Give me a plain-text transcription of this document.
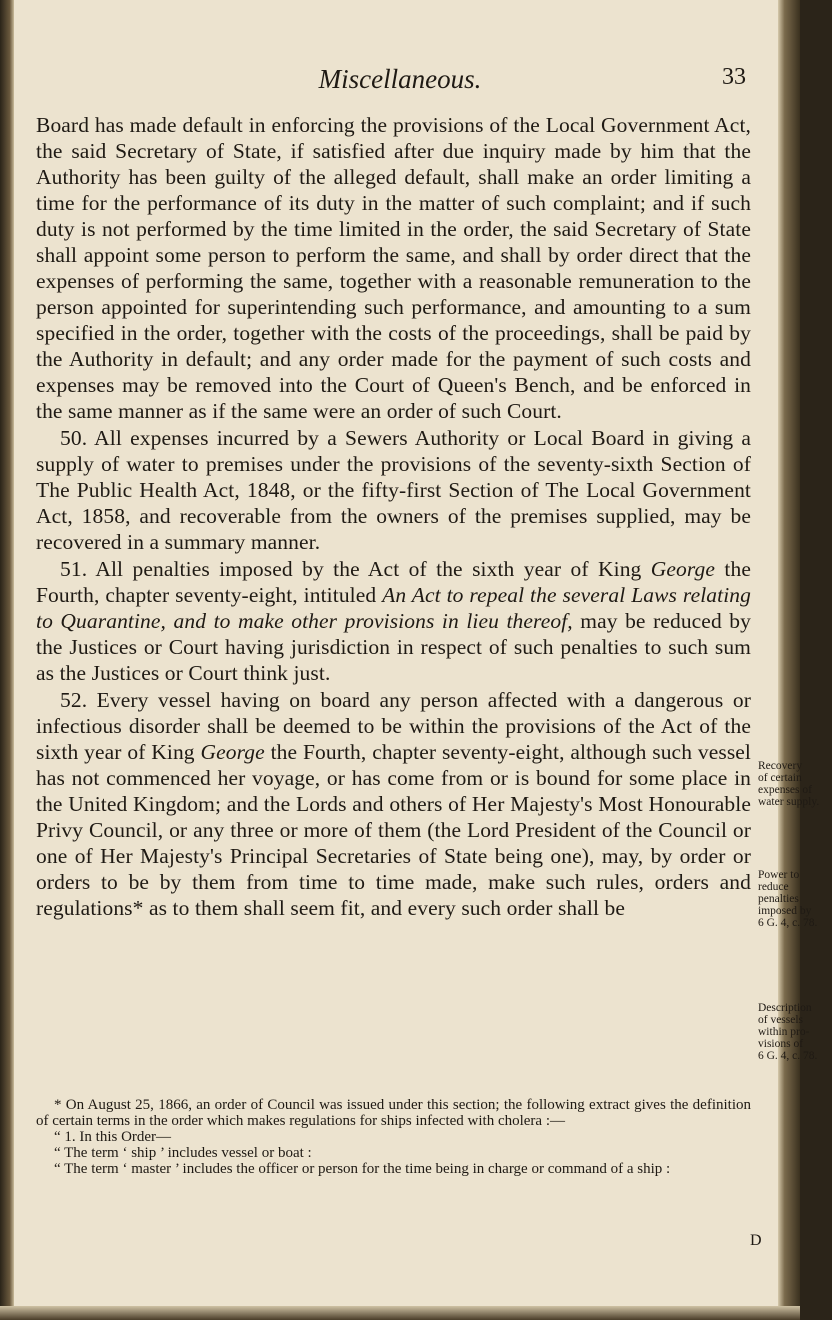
Miscellaneous.	33

Board has made default in enforcing the provisions of the Local Government Act, the said Secretary of State, if satisfied after due inquiry made by him that the Authority has been guilty of the alleged default, shall make an order limiting a time for the performance of its duty in the matter of such complaint; and if such duty is not performed by the time limited in the order, the said Secretary of State shall appoint some person to perform the same, and shall by order direct that the expenses of performing the same, together with a reasonable remuneration to the person appointed for superintending such performance, and amounting to a sum specified in the order, together with the costs of the proceedings, shall be paid by the Authority in default; and any order made for the payment of such costs and expenses may be removed into the Court of Queen's Bench, and be enforced in the same manner as if the same were an order of such Court.

50. All expenses incurred by a Sewers Authority or Local Board in giving a supply of water to premises under the provisions of the seventy-sixth Section of The Public Health Act, 1848, or the fifty-first Section of The Local Government Act, 1858, and recoverable from the owners of the premises supplied, may be recovered in a summary manner.

51. All penalties imposed by the Act of the sixth year of King George the Fourth, chapter seventy-eight, intituled An Act to repeal the several Laws relating to Quarantine, and to make other provisions in lieu thereof, may be reduced by the Justices or Court having jurisdiction in respect of such penalties to such sum as the Justices or Court think just.

52. Every vessel having on board any person affected with a dangerous or infectious disorder shall be deemed to be within the provisions of the Act of the sixth year of King George the Fourth, chapter seventy-eight, although such vessel has not commenced her voyage, or has come from or is bound for some place in the United Kingdom; and the Lords and others of Her Majesty's Most Honourable Privy Council, or any three or more of them (the Lord President of the Council or one of Her Majesty's Principal Secretaries of State being one), may, by order or orders to be by them from time to time made, make such rules, orders and regulations* as to them shall seem fit, and every such order shall be

* On August 25, 1866, an order of Council was issued under this section; the following extract gives the definition of certain terms in the order which makes regulations for ships infected with cholera :—

“ 1. In this Order—

“ The term ‘ ship ’ includes vessel or boat :

“ The term ‘ master ’ includes the officer or person for the time being in charge or command of a ship :

D
Recovery
of certain
expenses of
water supply.
Power to
reduce
penalties
imposed by
6 G. 4, c. 78.
Description
of vessels
within pro-
visions of
6 G. 4, c. 78.
